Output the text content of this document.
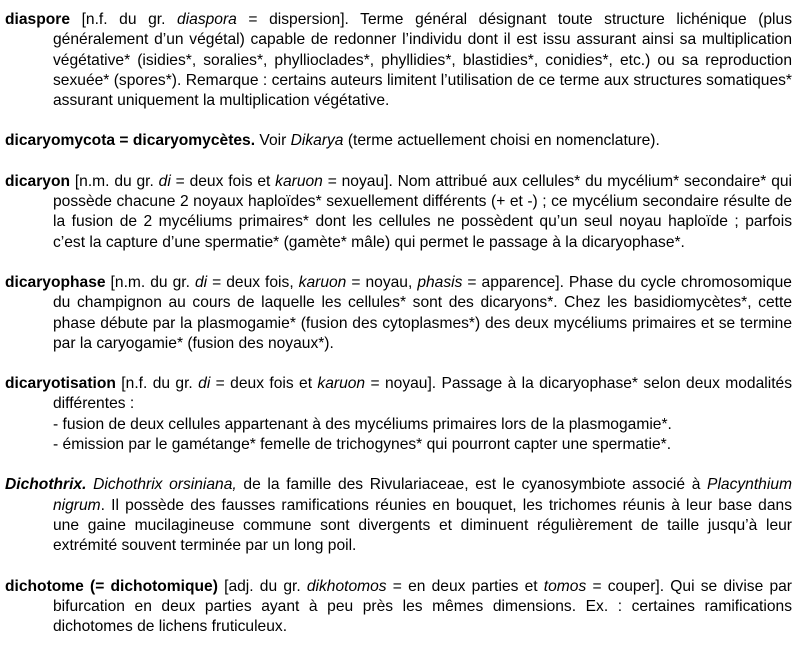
diaspore [n.f. du gr. diaspora = dispersion]. Terme général désignant toute structure lichénique (plus généralement d’un végétal) capable de redonner l’individu dont il est issu assurant ainsi sa multiplication végétative* (isidies*, soralies*, phyllioclades*, phyllidies*, blastidies*, conidies*, etc.) ou sa reproduction sexuée* (spores*). Remarque : certains auteurs limitent l’utilisation de ce terme aux structures somatiques* assurant uniquement la multiplication végétative.
dicaryomycota = dicaryomycètes. Voir Dikarya (terme actuellement choisi en nomenclature).
dicaryon [n.m. du gr. di = deux fois et karuon = noyau]. Nom attribué aux cellules* du mycélium* secondaire* qui possède chacune 2 noyaux haploïdes* sexuellement différents (+ et -) ; ce mycélium secondaire résulte de la fusion de 2 mycéliums primaires* dont les cellules ne possèdent qu’un seul noyau haploïde ; parfois c’est la capture d’une spermatie* (gamète* mâle) qui permet le passage à la dicaryophase*.
dicaryophase [n.m. du gr. di = deux fois, karuon = noyau, phasis = apparence]. Phase du cycle chromosomique du champignon au cours de laquelle les cellules* sont des dicaryons*. Chez les basidiomycètes*, cette phase débute par la plasmogamie* (fusion des cytoplasmes*) des deux mycéliums primaires et se termine par la caryogamie* (fusion des noyaux*).
dicaryotisation [n.f. du gr. di = deux fois et karuon = noyau]. Passage à la dicaryophase* selon deux modalités différentes :
- fusion de deux cellules appartenant à des mycéliums primaires lors de la plasmogamie*.
- émission par le gamétange* femelle de trichogynes* qui pourront capter une spermatie*.
Dichothrix. Dichothrix orsiniana, de la famille des Rivulariaceae, est le cyanosymbiote associé à Placynthium nigrum. Il possède des fausses ramifications réunies en bouquet, les trichomes réunis à leur base dans une gaine mucilagineuse commune sont divergents et diminuent régulièrement de taille jusqu’à leur extrémité souvent terminée par un long poil.
dichotome (= dichotomique) [adj. du gr. dikhotomos = en deux parties et tomos = couper]. Qui se divise par bifurcation en deux parties ayant à peu près les mêmes dimensions. Ex. : certaines ramifications dichotomes de lichens fruticuleux.
